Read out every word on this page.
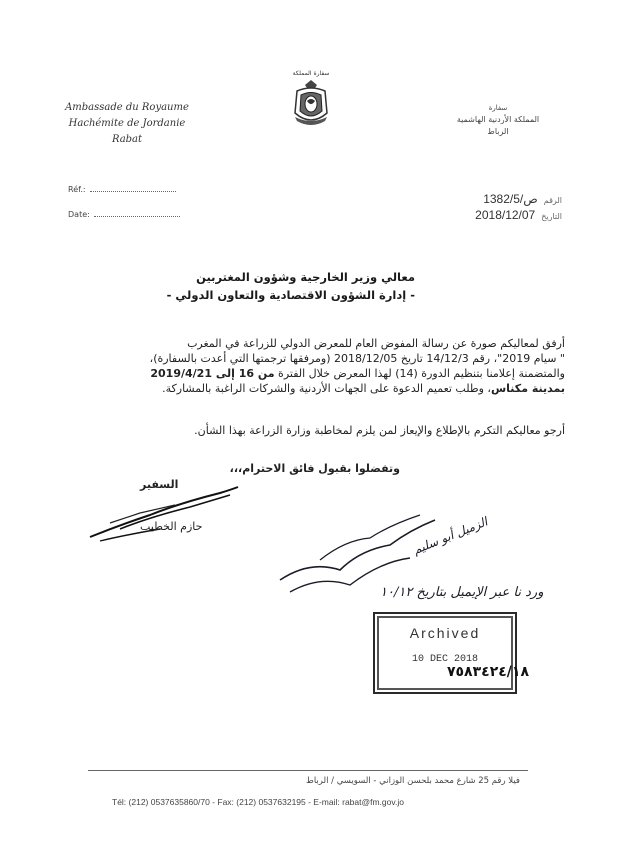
Ambassade du Royaume
Hachémite de Jordanie
Rabat
سفارة المملكة
سفارة
المملكة الأردنية الهاشمية
الرباط
Réf.:
Date:
الرقم
1382/5/ص
التاريخ
2018/12/07
معالي وزير الخارجية وشؤون المغتربين
- إدارة الشؤون الاقتصادية والتعاون الدولي -
أرفق لمعاليكم صورة عن رسالة المفوض العام للمعرض الدولي للزراعة في المغرب
" سيام 2019"، رقم 14/12/3 تاريخ 2018/12/05 (ومرفقها ترجمتها التي أعدت بالسفارة)،
والمتضمنة إعلامنا بتنظيم الدورة (14) لهذا المعرض خلال الفترة من 16 إلى 2019/4/21
بمدينة مكناس، وطلب تعميم الدعوة على الجهات الأردنية والشركات الراغبة بالمشاركة.
أرجو معاليكم التكرم بالإطلاع والإيعاز لمن يلزم لمخاطبة وزارة الزراعة بهذا الشأن.
وتفضلوا بقبول فائق الاحترام،،،
السفير
حازم الخطيب	الزميل أبو سليم
ورد نا عبر الإيميل بتاريخ ١٠/١٢
Archived
10 DEC 2018
٧٥٨٣٤٢٤/١٨
فيلا رقم 25 شارع محمد بلحسن الوزاني - السويسي / الرباط
Tél: (212) 0537635860/70 - Fax: (212) 0537632195 - E-mail: rabat@fm.gov.jo
